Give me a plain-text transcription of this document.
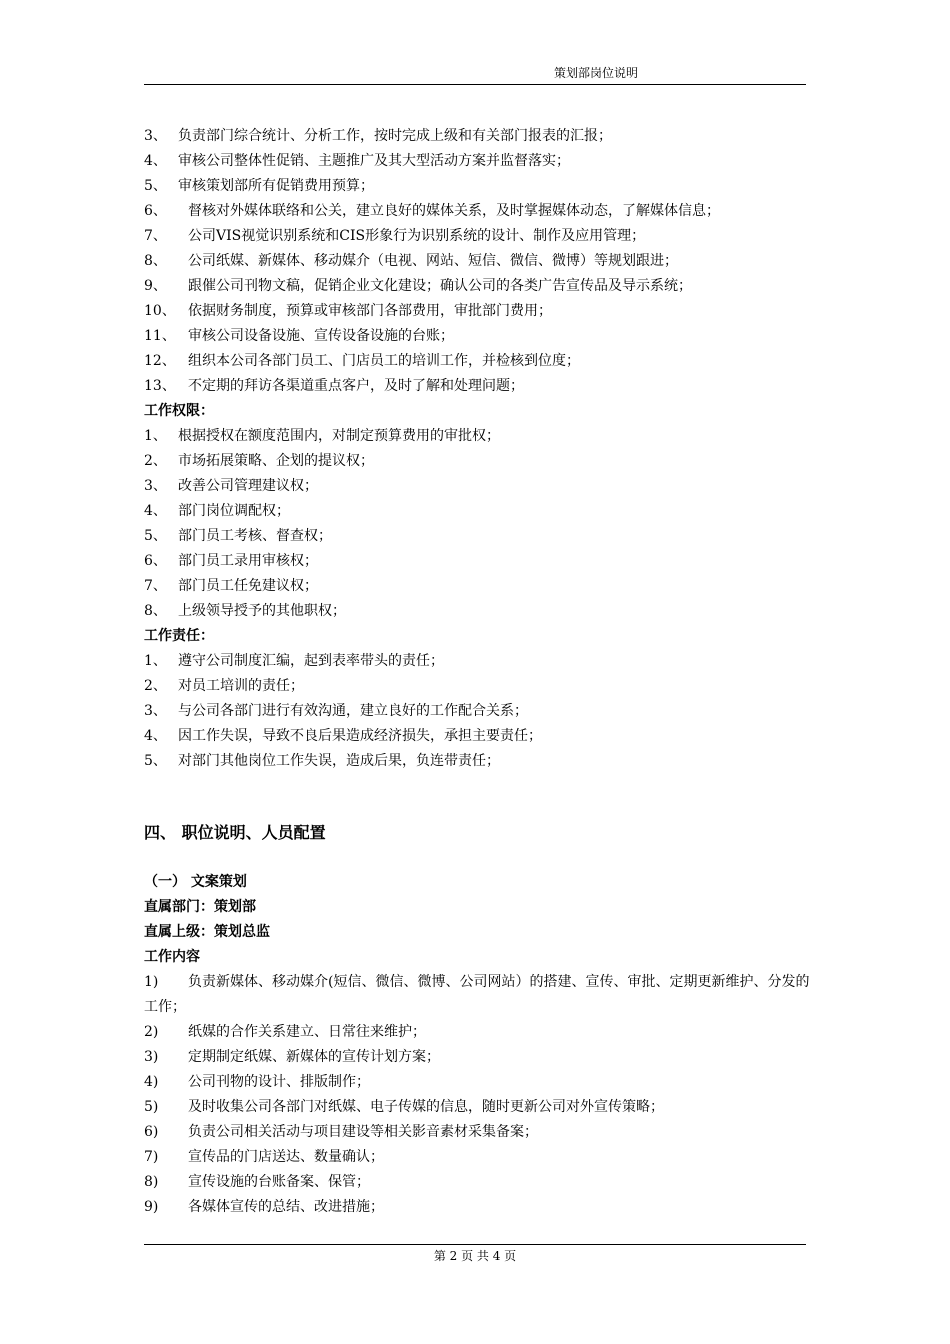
策划部岗位说明
3、 负责部门综合统计、分析工作，按时完成上级和有关部门报表的汇报；
4、 审核公司整体性促销、主题推广及其大型活动方案并监督落实；
5、 审核策划部所有促销费用预算；
6、 督核对外媒体联络和公关，建立良好的媒体关系，及时掌握媒体动态，了解媒体信息；
7、 公司VIS视觉识别系统和CIS形象行为识别系统的设计、制作及应用管理；
8、 公司纸媒、新媒体、移动媒介（电视、网站、短信、微信、微博）等规划跟进；
9、 跟催公司刊物文稿，促销企业文化建设；确认公司的各类广告宣传品及导示系统；
10、 依据财务制度，预算或审核部门各部费用，审批部门费用；
11、 审核公司设备设施、宣传设备设施的台账；
12、 组织本公司各部门员工、门店员工的培训工作，并检核到位度；
13、 不定期的拜访各渠道重点客户，及时了解和处理问题；
工作权限：
1、 根据授权在额度范围内，对制定预算费用的审批权；
2、 市场拓展策略、企划的提议权；
3、 改善公司管理建议权；
4、 部门岗位调配权；
5、 部门员工考核、督查权；
6、 部门员工录用审核权；
7、 部门员工任免建议权；
8、 上级领导授予的其他职权；
工作责任：
1、 遵守公司制度汇编，起到表率带头的责任；
2、 对员工培训的责任；
3、 与公司各部门进行有效沟通，建立良好的工作配合关系；
4、 因工作失误，导致不良后果造成经济损失，承担主要责任；
5、 对部门其他岗位工作失误，造成后果，负连带责任；
四、 职位说明、人员配置
（一） 文案策划
直属部门：策划部
直属上级：策划总监
工作内容
1) 负责新媒体、移动媒介(短信、微信、微博、公司网站）的搭建、宣传、审批、定期更新维护、分发的工作；
2) 纸媒的合作关系建立、日常往来维护；
3) 定期制定纸媒、新媒体的宣传计划方案；
4) 公司刊物的设计、排版制作；
5) 及时收集公司各部门对纸媒、电子传媒的信息，随时更新公司对外宣传策略；
6) 负责公司相关活动与项目建设等相关影音素材采集备案；
7) 宣传品的门店送达、数量确认；
8) 宣传设施的台账备案、保管；
9) 各媒体宣传的总结、改进措施；
第 2 页 共 4 页
